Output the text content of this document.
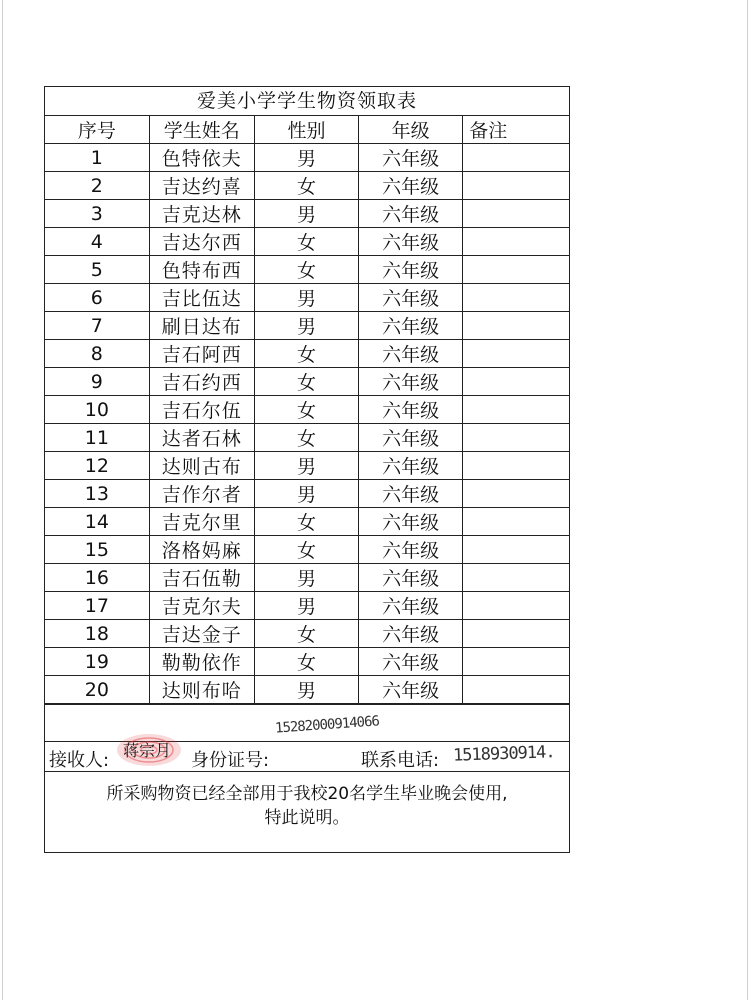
爱美小学学生物资领取表
序号	学生姓名	性别	年级	备注
1	色特依夫	男	六年级	
2	吉达约喜	女	六年级	
3	吉克达林	男	六年级	
4	吉达尔西	女	六年级	
5	色特布西	女	六年级	
6	吉比伍达	男	六年级	
7	刷日达布	男	六年级	
8	吉石阿西	女	六年级	
9	吉石约西	女	六年级	
10	吉石尔伍	女	六年级	
11	达者石林	女	六年级	
12	达则古布	男	六年级	
13	吉作尔者	男	六年级	
14	吉克尔里	女	六年级	
15	洛格妈麻	女	六年级	
16	吉石伍勒	男	六年级	
17	吉克尔夫	男	六年级	
18	吉达金子	女	六年级	
19	勒勒依作	女	六年级	
20	达则布哈	男	六年级	
15282000914066
接收人: 蒋宗月 身份证号:	联系电话: 1518930914.
所采购物资已经全部用于我校20名学生毕业晚会使用,
特此说明。
